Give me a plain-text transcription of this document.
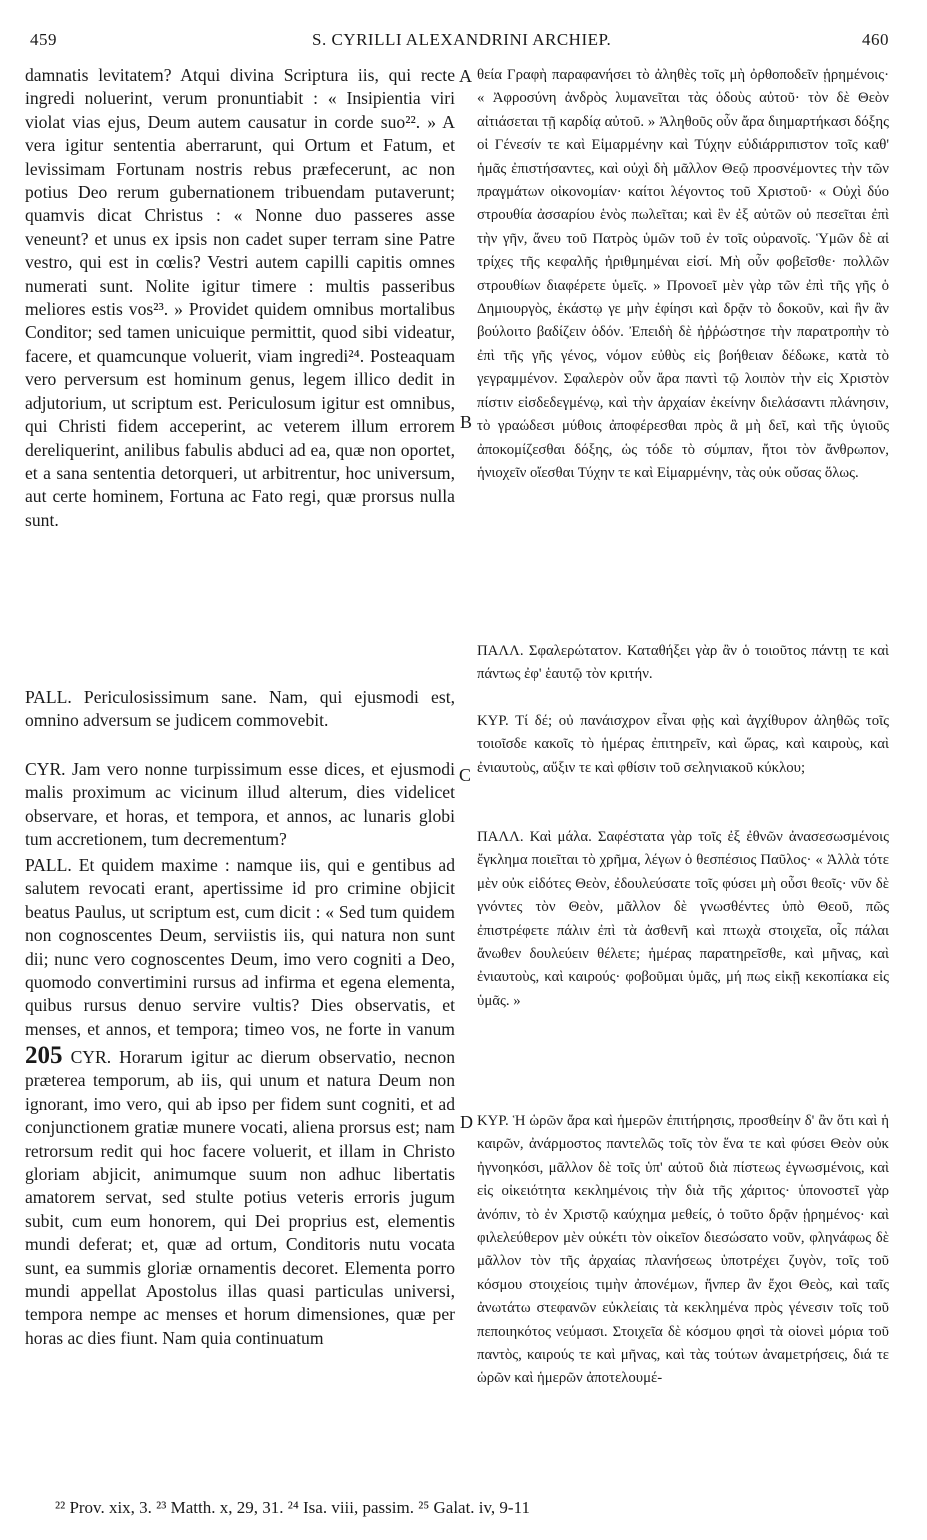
459	S. CYRILLI ALEXANDRINI ARCHIEP.	460

damnatis levitatem? Atqui divina Scriptura iis, qui recte ingredi noluerint, verum pronuntiabit : « Insipientia viri violat vias ejus, Deum autem causatur in corde suo²². » A vera igitur sententia aberrarunt, qui Ortum et Fatum, et levissimam Fortunam nostris rebus præfecerunt, ac non potius Deo rerum gubernationem tribuendam putaverunt; quamvis dicat Christus : « Nonne duo passeres asse veneunt? et unus ex ipsis non cadet super terram sine Patre vestro, qui est in cœlis? Vestri autem capilli capitis omnes numerati sunt. Nolite igitur timere : multis passeribus meliores estis vos²³. » Providet quidem omnibus mortalibus Conditor; sed tamen unicuique permittit, quod sibi videatur, facere, et quamcunque voluerit, viam ingredi²⁴. Posteaquam vero perversum est hominum genus, legem illico dedit in adjutorium, ut scriptum est. Periculosum igitur est omnibus, qui Christi fidem acceperint, ac veterem illum errorem dereliquerint, anilibus fabulis abduci ad ea, quæ non oportet, et a sana sententia detorqueri, ut arbitrentur, hoc universum, aut certe hominem, Fortuna ac Fato regi, quæ prorsus nulla sunt.

PALL. Periculosissimum sane. Nam, qui ejusmodi est, omnino adversum se judicem commovebit.

CYR. Jam vero nonne turpissimum esse dices, et ejusmodi malis proximum ac vicinum illud alterum, dies videlicet observare, et horas, et tempora, et annos, ac lunaris globi tum accretionem, tum decrementum?

PALL. Et quidem maxime : namque iis, qui e gentibus ad salutem revocati erant, apertissime id pro crimine objicit beatus Paulus, ut scriptum est, cum dicit : « Sed tum quidem non cognoscentes Deum, serviistis iis, qui natura non sunt dii; nunc vero cognoscentes Deum, imo vero cogniti a Deo, quomodo convertimini rursus ad infirma et egena elementa, quibus rursus denuo servire vultis? Dies observatis, et menses, et annos, et tempora; timeo vos, ne forte in vanum

205 CYR. Horarum igitur ac dierum observatio, necnon præterea temporum, ab iis, qui unum et natura Deum non ignorant, imo vero, qui ab ipso per fidem sunt cogniti, et ad conjunctionem gratiæ munere vocati, aliena prorsus est; nam retrorsum redit qui hoc facere voluerit, et illam in Christo gloriam abjicit, animumque suum non adhuc libertatis amatorem servat, sed stulte potius veteris erroris jugum subit, cum eum honorem, qui Dei proprius est, elementis mundi deferat; et, quæ ad ortum, Conditoris nutu vocata sunt, ea summis gloriæ ornamentis decoret. Elementa porro mundi appellat Apostolus illas quasi particulas universi, tempora nempe ac menses et horum dimensiones, quæ per horas ac dies fiunt. Nam quia continuatum

A
B
C
D

θεία Γραφὴ παραφανήσει τὸ ἀληθὲς τοῖς μὴ ὀρθοποδεῖν ᾑρημένοις· « Ἀφροσύνη ἀνδρὸς λυμανεῖται τὰς ὁδοὺς αὐτοῦ· τὸν δὲ Θεὸν αἰτιάσεται τῇ καρδίᾳ αὐτοῦ. » Ἀληθοῦς οὖν ἄρα διημαρτήκασι δόξης οἱ Γένεσίν τε καὶ Εἱμαρμένην καὶ Τύχην εὐδιάρριπιστον τοῖς καθ' ἡμᾶς ἐπιστήσαντες, καὶ οὐχὶ δὴ μᾶλλον Θεῷ προσνέμοντες τὴν τῶν πραγμάτων οἰκονομίαν· καίτοι λέγοντος τοῦ Χριστοῦ· « Οὐχὶ δύο στρουθία ἀσσαρίου ἑνὸς πωλεῖται; καὶ ἓν ἐξ αὐτῶν οὐ πεσεῖται ἐπὶ τὴν γῆν, ἄνευ τοῦ Πατρὸς ὑμῶν τοῦ ἐν τοῖς οὐρανοῖς. Ὑμῶν δὲ αἱ τρίχες τῆς κεφαλῆς ἠριθμημέναι εἰσί. Μὴ οὖν φοβεῖσθε· πολλῶν στρουθίων διαφέρετε ὑμεῖς. » Προνοεῖ μὲν γὰρ τῶν ἐπὶ τῆς γῆς ὁ Δημιουργὸς, ἑκάστῳ γε μὴν ἐφίησι καὶ δρᾷν τὸ δοκοῦν, καὶ ἣν ἂν βούλοιτο βαδίζειν ὁδόν. Ἐπειδὴ δὲ ἠῤῥώστησε τὴν παρατροπὴν τὸ ἐπὶ τῆς γῆς γένος, νόμον εὐθὺς εἰς βοήθειαν δέδωκε, κατὰ τὸ γεγραμμένον. Σφαλερὸν οὖν ἄρα παντὶ τῷ λοιπὸν τὴν εἰς Χριστὸν πίστιν εἰσδεδεγμένῳ, καὶ τὴν ἀρχαίαν ἐκείνην διελάσαντι πλάνησιν, τὸ γραώδεσι μύθοις ἀποφέρεσθαι πρὸς ἃ μὴ δεῖ, καὶ τῆς ὑγιοῦς ἀποκομίζεσθαι δόξης, ὡς τόδε τὸ σύμπαν, ἤτοι τὸν ἄνθρωπον, ἡνιοχεῖν οἴεσθαι Τύχην τε καὶ Εἱμαρμένην, τὰς οὐκ οὔσας ὅλως.

ΠΑΛΛ. Σφαλερώτατον. Καταθήξει γὰρ ἂν ὁ τοιοῦτος πάντῃ τε καὶ πάντως ἐφ' ἑαυτῷ τὸν κριτήν.

ΚΥΡ. Τί δέ; οὐ πανάισχρον εἶναι φῂς καὶ ἀγχίθυρον ἀληθῶς τοῖς τοιοῖσδε κακοῖς τὸ ἡμέρας ἐπιτηρεῖν, καὶ ὥρας, καὶ καιροὺς, καὶ ἐνιαυτοὺς, αὔξιν τε καὶ φθίσιν τοῦ σεληνιακοῦ κύκλου;

ΠΑΛΛ. Καὶ μάλα. Σαφέστατα γὰρ τοῖς ἐξ ἐθνῶν ἀνασεσωσμένοις ἔγκλημα ποιεῖται τὸ χρῆμα, λέγων ὁ θεσπέσιος Παῦλος· « Ἀλλὰ τότε μὲν οὐκ εἰδότες Θεὸν, ἐδουλεύσατε τοῖς φύσει μὴ οὖσι θεοῖς· νῦν δὲ γνόντες τὸν Θεὸν, μᾶλλον δὲ γνωσθέντες ὑπὸ Θεοῦ, πῶς ἐπιστρέφετε πάλιν ἐπὶ τὰ ἀσθενῆ καὶ πτωχὰ στοιχεῖα, οἷς πάλαι ἄνωθεν δουλεύειν θέλετε; ἡμέρας παρατηρεῖσθε, καὶ μῆνας, καὶ ἐνιαυτοὺς, καὶ καιρούς· φοβοῦμαι ὑμᾶς, μή πως εἰκῇ κεκοπίακα εἰς ὑμᾶς. »

ΚΥΡ. Ἡ ὡρῶν ἄρα καὶ ἡμερῶν ἐπιτήρησις, προσθείην δ' ἂν ὅτι καὶ ἡ καιρῶν, ἀνάρμοστος παντελῶς τοῖς τὸν ἕνα τε καὶ φύσει Θεὸν οὐκ ἠγνοηκόσι, μᾶλλον δὲ τοῖς ὑπ' αὐτοῦ διὰ πίστεως ἐγνωσμένοις, καὶ εἰς οἰκειότητα κεκλημένοις τὴν διὰ τῆς χάριτος· ὑπονοστεῖ γὰρ ἀνόπιν, τὸ ἐν Χριστῷ καύχημα μεθείς, ὁ τοῦτο δρᾷν ᾑρημένος· καὶ φιλελεύθερον μὲν οὐκέτι τὸν οἰκεῖον διεσώσατο νοῦν, φληνάφως δὲ μᾶλλον τὸν τῆς ἀρχαίας πλανήσεως ὑποτρέχει ζυγὸν, τοῖς τοῦ κόσμου στοιχείοις τιμὴν ἀπονέμων, ἥνπερ ἂν ἔχοι Θεὸς, καὶ ταῖς ἀνωτάτω στεφανῶν εὐκλείαις τὰ κεκλημένα πρὸς γένεσιν τοῖς τοῦ πεποιηκότος νεύμασι. Στοιχεῖα δὲ κόσμου φησὶ τὰ οἱονεὶ μόρια τοῦ παντὸς, καιρούς τε καὶ μῆνας, καὶ τὰς τούτων ἀναμετρήσεις, διά τε ὡρῶν καὶ ἡμερῶν ἀποτελουμέ-

²² Prov. xix, 3. ²³ Matth. x, 29, 31. ²⁴ Isa. viii, passim. ²⁵ Galat. iv, 9-11
